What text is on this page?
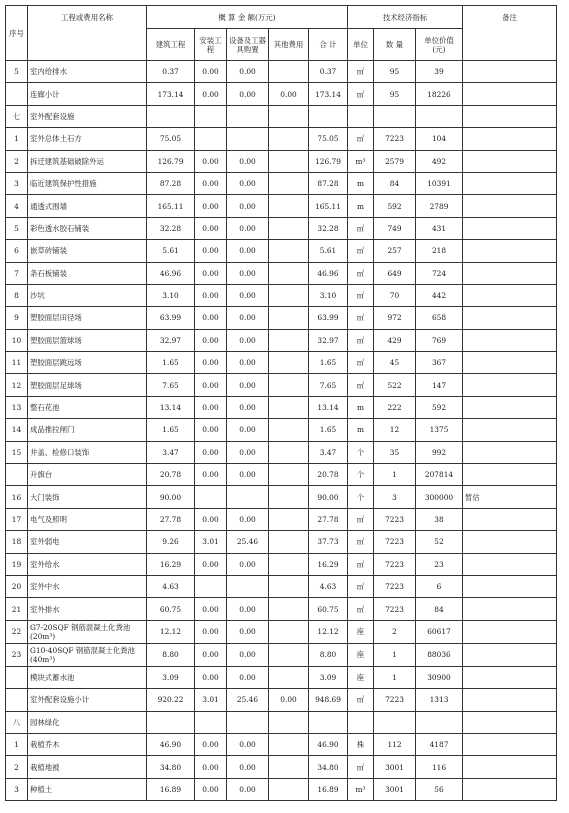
序号	工程或费用名称	概 算 金 额(万元)					技术经济指标			备注
		建筑工程	安装工程	设备及工器具购置	其他费用	合 计	单位	数 量	单位价值(元)	
5	室内给排水	0.37	0.00	0.00		0.37	㎡	95	39	
	连廊小计	173.14	0.00	0.00	0.00	173.14	㎡	95	18226	
七	室外配套设施									
1	室外总体土石方	75.05				75.05	㎡	7223	104	
2	拆迁建筑基础破除外运	126.79	0.00	0.00		126.79	m³	2579	492	
3	临近建筑保护性措施	87.28	0.00	0.00		87.28	m	84	10391	
4	通透式围墙	165.11	0.00	0.00		165.11	m	592	2789	
5	彩色透水胶石铺装	32.28	0.00	0.00		32.28	㎡	749	431	
6	嵌草砖铺装	5.61	0.00	0.00		5.61	㎡	257	218	
7	条石板铺装	46.96	0.00	0.00		46.96	㎡	649	724	
8	沙坑	3.10	0.00	0.00		3.10	㎡	70	442	
9	塑胶面层田径场	63.99	0.00	0.00		63.99	㎡	972	658	
10	塑胶面层篮球场	32.97	0.00	0.00		32.97	㎡	429	769	
11	塑胶面层跳远场	1.65	0.00	0.00		1.65	㎡	45	367	
12	塑胶面层足球场	7.65	0.00	0.00		7.65	㎡	522	147	
13	整石花池	13.14	0.00	0.00		13.14	m	222	592	
14	成品推拉闸门	1.65	0.00	0.00		1.65	m	12	1375	
15	井盖、检修口装饰	3.47	0.00	0.00		3.47	个	35	992	
	升旗台	20.78	0.00	0.00		20.78	个	1	207814	
16	大门装饰	90.00				90.00	个	3	300000	暂估
17	电气及照明	27.78	0.00	0.00		27.78	㎡	7223	38	
18	室外弱电	9.26	3.01	25.46		37.73	㎡	7223	52	
19	室外给水	16.29	0.00	0.00		16.29	㎡	7223	23	
20	室外中水	4.63				4.63	㎡	7223	6	
21	室外排水	60.75	0.00	0.00		60.75	㎡	7223	84	
22	G7-20SQF 钢筋混凝土化粪池(20m³)	12.12	0.00	0.00		12.12	座	2	60617	
23	G10-40SQF 钢筋混凝土化粪池(40m³)	8.80	0.00	0.00		8.80	座	1	88036	
	模块式蓄水池	3.09	0.00	0.00		3.09	座	1	30900	
	室外配套设施小计	920.22	3.01	25.46	0.00	948.69	㎡	7223	1313	
八	园林绿化									
1	栽植乔木	46.90	0.00	0.00		46.90	株	112	4187	
2	栽植地被	34.80	0.00	0.00		34.80	㎡	3001	116	
3	种植土	16.89	0.00	0.00		16.89	m³	3001	56	
